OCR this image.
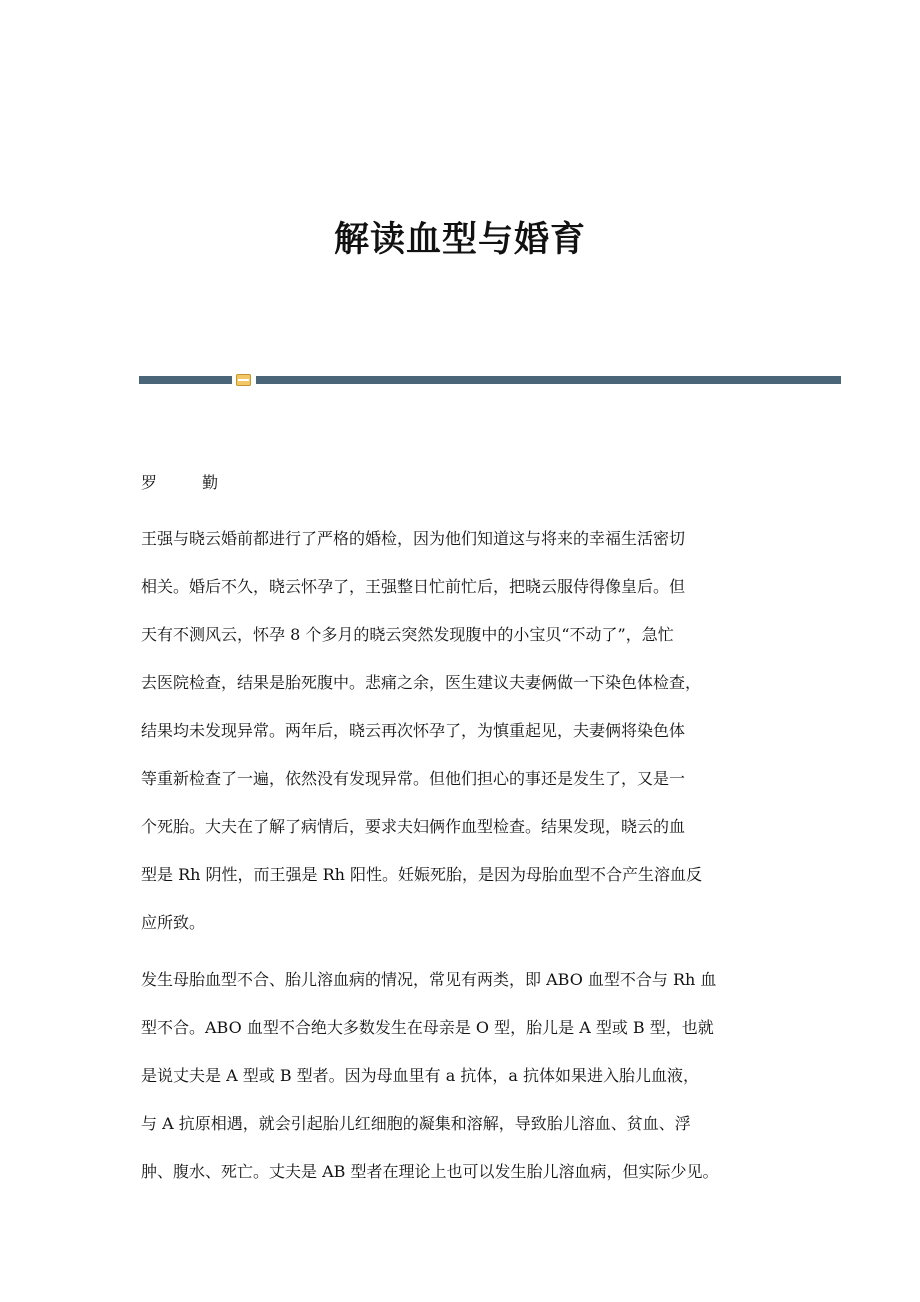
解读血型与婚育
罗 勤

王强与晓云婚前都进行了严格的婚检，因为他们知道这与将来的幸福生活密切
相关。婚后不久，晓云怀孕了，王强整日忙前忙后，把晓云服侍得像皇后。但
天有不测风云，怀孕 8 个多月的晓云突然发现腹中的小宝贝“不动了”，急忙
去医院检查，结果是胎死腹中。悲痛之余，医生建议夫妻俩做一下染色体检查，
结果均未发现异常。两年后，晓云再次怀孕了，为慎重起见，夫妻俩将染色体
等重新检查了一遍，依然没有发现异常。但他们担心的事还是发生了，又是一
个死胎。大夫在了解了病情后，要求夫妇俩作血型检查。结果发现，晓云的血
型是 Rh 阴性，而王强是 Rh 阳性。妊娠死胎，是因为母胎血型不合产生溶血反
应所致。

发生母胎血型不合、胎儿溶血病的情况，常见有两类，即 ABO 血型不合与 Rh 血
型不合。ABO 血型不合绝大多数发生在母亲是 O 型，胎儿是 A 型或 B 型，也就
是说丈夫是 A 型或 B 型者。因为母血里有 a 抗体，a 抗体如果进入胎儿血液，
与 A 抗原相遇，就会引起胎儿红细胞的凝集和溶解，导致胎儿溶血、贫血、浮
肿、腹水、死亡。丈夫是 AB 型者在理论上也可以发生胎儿溶血病，但实际少见。
